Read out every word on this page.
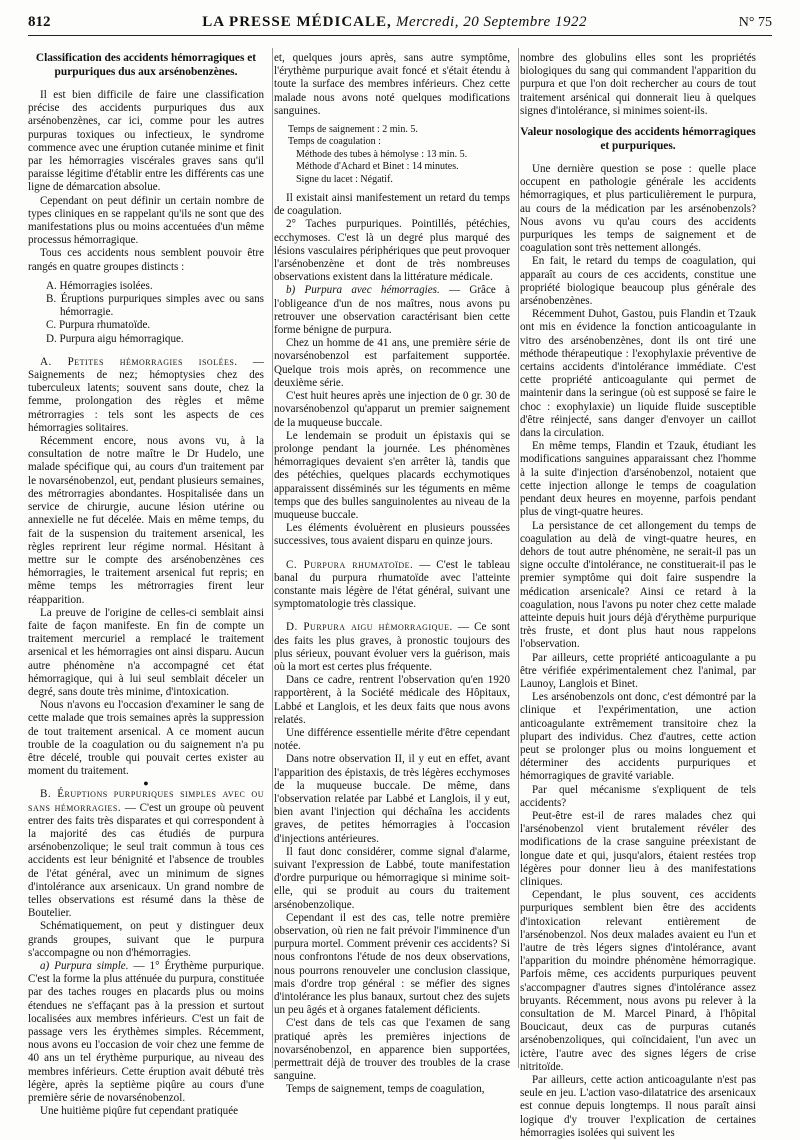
812	LA PRESSE MÉDICALE, Mercredi, 20 Septembre 1922	N° 75
Classification des accidents hémorragiques et purpuriques dus aux arsénobenzènes.

Il est bien difficile de faire une classification précise des accidents purpuriques dus aux arsénobenzènes, car ici, comme pour les autres purpuras toxiques ou infectieux, le syndrome commence avec une éruption cutanée minime et finit par les hémorragies viscérales graves sans qu'il paraisse légitime d'établir entre les différents cas une ligne de démarcation absolue.

Cependant on peut définir un certain nombre de types cliniques en se rappelant qu'ils ne sont que des manifestations plus ou moins accentuées d'un même processus hémorragique.

Tous ces accidents nous semblent pouvoir être rangés en quatre groupes distincts :

A. Hémorragies isolées.
B. Éruptions purpuriques simples avec ou sans hémorragie.
C. Purpura rhumatoïde.
D. Purpura aigu hémorragique.

A. Petites hémorragies isolées. — Saignements de nez; hémoptysies chez des tuberculeux latents; souvent sans doute, chez la femme, prolongation des règles et même métrorragies : tels sont les aspects de ces hémorragies solitaires.

Récemment encore, nous avons vu, à la consultation de notre maître le Dr Hudelo, une malade spécifique qui, au cours d'un traitement par le novarsénobenzol, eut, pendant plusieurs semaines, des métrorragies abondantes. Hospitalisée dans un service de chirurgie, aucune lésion utérine ou annexielle ne fut décelée. Mais en même temps, du fait de la suspension du traitement arsenical, les règles reprirent leur régime normal. Hésitant à mettre sur le compte des arsénobenzènes ces hémorragies, le traitement arsenical fut repris; en même temps les métrorragies firent leur réapparition.

La preuve de l'origine de celles-ci semblait ainsi faite de façon manifeste. En fin de compte un traitement mercuriel a remplacé le traitement arsenical et les hémorragies ont ainsi disparu. Aucun autre phénomène n'a accompagné cet état hémorragique, qui à lui seul semblait déceler un degré, sans doute très minime, d'intoxication.

Nous n'avons eu l'occasion d'examiner le sang de cette malade que trois semaines après la suppression de tout traitement arsenical. A ce moment aucun trouble de la coagulation ou du saignement n'a pu être décelé, trouble qui pouvait certes exister au moment du traitement.

●

B. Éruptions purpuriques simples avec ou sans hémorragies. — C'est un groupe où peuvent entrer des faits très disparates et qui correspondent à la majorité des cas étudiés de purpura arsénobenzolique; le seul trait commun à tous ces accidents est leur bénignité et l'absence de troubles de l'état général, avec un minimum de signes d'intolérance aux arsenicaux. Un grand nombre de telles observations est résumé dans la thèse de Boutelier.

Schématiquement, on peut y distinguer deux grands groupes, suivant que le purpura s'accompagne ou non d'hémorragies.

a) Purpura simple. — 1° Érythème purpurique. C'est la forme la plus atténuée du purpura, constituée par des taches rouges en placards plus ou moins étendues ne s'effaçant pas à la pression et surtout localisées aux membres inférieurs. C'est un fait de passage vers les érythèmes simples. Récemment, nous avons eu l'occasion de voir chez une femme de 40 ans un tel érythème purpurique, au niveau des membres inférieurs. Cette éruption avait débuté très légère, après la septième piqûre au cours d'une première série de novarsénobenzol.

Une huitième piqûre fut cependant pratiquée

et, quelques jours après, sans autre symptôme, l'érythème purpurique avait foncé et s'était étendu à toute la surface des membres inférieurs. Chez cette malade nous avons noté quelques modifications sanguines.

Temps de saignement : 2 min. 5.
Temps de coagulation :
Méthode des tubes à hémolyse : 13 min. 5.
Méthode d'Achard et Binet : 14 minutes.
Signe du lacet : Négatif.

Il existait ainsi manifestement un retard du temps de coagulation.

2° Taches purpuriques. Pointillés, pétéchies, ecchymoses. C'est là un degré plus marqué des lésions vasculaires périphériques que peut provoquer l'arsénobenzène et dont de très nombreuses observations existent dans la littérature médicale.

b) Purpura avec hémorragies. — Grâce à l'obligeance d'un de nos maîtres, nous avons pu retrouver une observation caractérisant bien cette forme bénigne de purpura.

Chez un homme de 41 ans, une première série de novarsénobenzol est parfaitement supportée. Quelque trois mois après, on recommence une deuxième série.

C'est huit heures après une injection de 0 gr. 30 de novarsénobenzol qu'apparut un premier saignement de la muqueuse buccale.

Le lendemain se produit un épistaxis qui se prolonge pendant la journée. Les phénomènes hémorragiques devaient s'en arrêter là, tandis que des pétéchies, quelques placards ecchymotiques apparaissent disséminés sur les téguments en même temps que des bulles sanguinolentes au niveau de la muqueuse buccale.

Les éléments évoluèrent en plusieurs poussées successives, tous avaient disparu en quinze jours.

C. Purpura rhumatoïde. — C'est le tableau banal du purpura rhumatoïde avec l'atteinte constante mais légère de l'état général, suivant une symptomatologie très classique.

D. Purpura aigu hémorragique. — Ce sont des faits les plus graves, à pronostic toujours des plus sérieux, pouvant évoluer vers la guérison, mais où la mort est certes plus fréquente.

Dans ce cadre, rentrent l'observation qu'en 1920 rapportèrent, à la Société médicale des Hôpitaux, Labbé et Langlois, et les deux faits que nous avons relatés.

Une différence essentielle mérite d'être cependant notée.

Dans notre observation II, il y eut en effet, avant l'apparition des épistaxis, de très légères ecchymoses de la muqueuse buccale. De même, dans l'observation relatée par Labbé et Langlois, il y eut, bien avant l'injection qui déchaîna les accidents graves, de petites hémorragies à l'occasion d'injections antérieures.

Il faut donc considérer, comme signal d'alarme, suivant l'expression de Labbé, toute manifestation d'ordre purpurique ou hémorragique si minime soit-elle, qui se produit au cours du traitement arsénobenzolique.

Cependant il est des cas, telle notre première observation, où rien ne fait prévoir l'imminence d'un purpura mortel. Comment prévenir ces accidents? Si nous confrontons l'étude de nos deux observations, nous pourrons renouveler une conclusion classique, mais d'ordre trop général : se méfier des signes d'intolérance les plus banaux, surtout chez des sujets un peu âgés et à organes fatalement déficients.

C'est dans de tels cas que l'examen de sang pratiqué après les premières injections de novarsénobenzol, en apparence bien supportées, permettrait déjà de trouver des troubles de la crase sanguine.

Temps de saignement, temps de coagulation,

nombre des globulins elles sont les propriétés biologiques du sang qui commandent l'apparition du purpura et que l'on doit rechercher au cours de tout traitement arsénical qui donnerait lieu à quelques signes d'intolérance, si minimes soient-ils.

Valeur nosologique des accidents hémorragiques et purpuriques.

Une dernière question se pose : quelle place occupent en pathologie générale les accidents hémorragiques, et plus particulièrement le purpura, au cours de la médication par les arsénobenzols? Nous avons vu qu'au cours des accidents purpuriques les temps de saignement et de coagulation sont très nettement allongés.

En fait, le retard du temps de coagulation, qui apparaît au cours de ces accidents, constitue une propriété biologique beaucoup plus générale des arsénobenzènes.

Récemment Duhot, Gastou, puis Flandin et Tzauk ont mis en évidence la fonction anticoagulante in vitro des arsénobenzènes, dont ils ont tiré une méthode thérapeutique : l'exophylaxie préventive de certains accidents d'intolérance immédiate. C'est cette propriété anticoagulante qui permet de maintenir dans la seringue (où est supposé se faire le choc : exophylaxie) un liquide fluide susceptible d'être réinjecté, sans danger d'envoyer un caillot dans la circulation.

En même temps, Flandin et Tzauk, étudiant les modifications sanguines apparaissant chez l'homme à la suite d'injection d'arsénobenzol, notaient que cette injection allonge le temps de coagulation pendant deux heures en moyenne, parfois pendant plus de vingt-quatre heures.

La persistance de cet allongement du temps de coagulation au delà de vingt-quatre heures, en dehors de tout autre phénomène, ne serait-il pas un signe occulte d'intolérance, ne constituerait-il pas le premier symptôme qui doit faire suspendre la médication arsenicale? Ainsi ce retard à la coagulation, nous l'avons pu noter chez cette malade atteinte depuis huit jours déjà d'érythème purpurique très fruste, et dont plus haut nous rappelons l'observation.

Par ailleurs, cette propriété anticoagulante a pu être vérifiée expérimentalement chez l'animal, par Launoy, Langlois et Binet.

Les arsénobenzols ont donc, c'est démontré par la clinique et l'expérimentation, une action anticoagulante extrêmement transitoire chez la plupart des individus. Chez d'autres, cette action peut se prolonger plus ou moins longuement et déterminer des accidents purpuriques et hémorragiques de gravité variable.

Par quel mécanisme s'expliquent de tels accidents?

Peut-être est-il de rares malades chez qui l'arsénobenzol vient brutalement révéler des modifications de la crase sanguine préexistant de longue date et qui, jusqu'alors, étaient restées trop légères pour donner lieu à des manifestations cliniques.

Cependant, le plus souvent, ces accidents purpuriques semblent bien être des accidents d'intoxication relevant entièrement de l'arsénobenzol. Nos deux malades avaient eu l'un et l'autre de très légers signes d'intolérance, avant l'apparition du moindre phénomène hémorragique. Parfois même, ces accidents purpuriques peuvent s'accompagner d'autres signes d'intolérance assez bruyants. Récemment, nous avons pu relever à la consultation de M. Marcel Pinard, à l'hôpital Boucicaut, deux cas de purpuras cutanés arsénobenzoliques, qui coïncidaient, l'un avec un ictère, l'autre avec des signes légers de crise nitritoïde.

Par ailleurs, cette action anticoagulante n'est pas seule en jeu. L'action vaso-dilatatrice des arsenicaux est connue depuis longtemps. Il nous paraît ainsi logique d'y trouver l'explication de certaines hémorragies isolées qui suivent les
